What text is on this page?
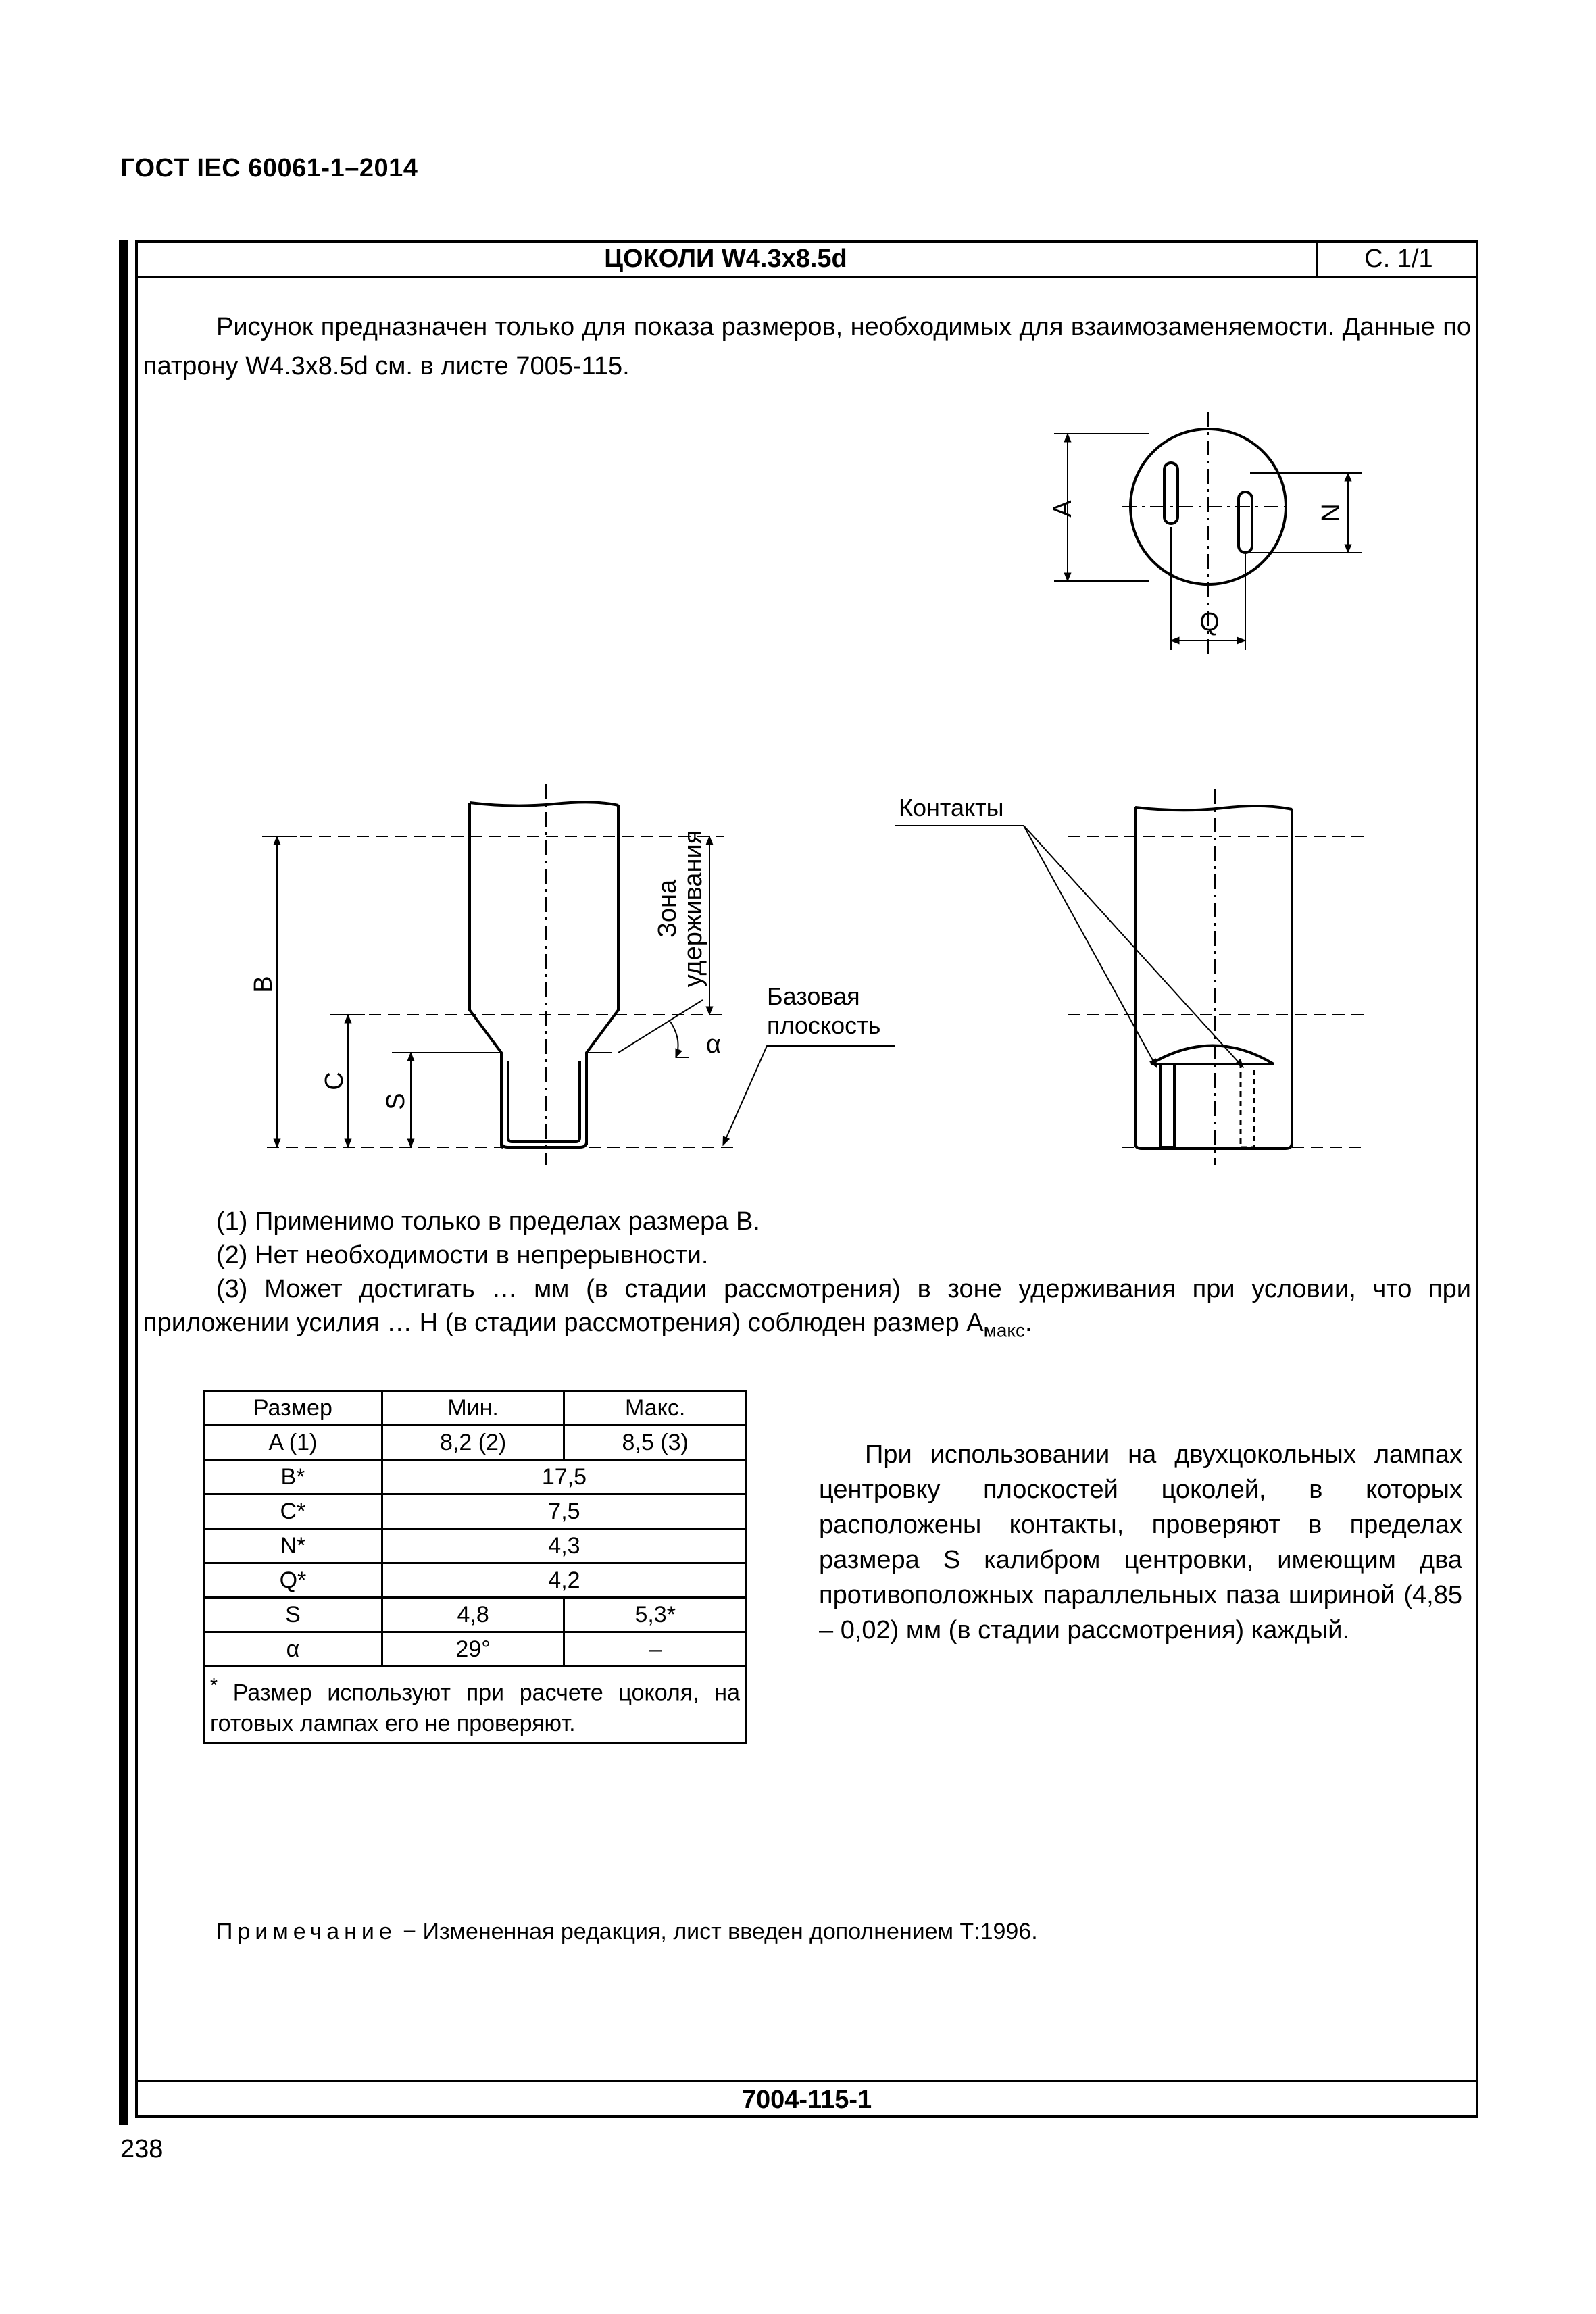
ГОСТ IEC 60061-1–2014
ЦОКОЛИ W4.3x8.5d	С. 1/1
Рисунок предназначен только для показа размеров, необходимых для взаимозаменяемости. Данные по патрону W4.3x8.5d см. в листе 7005-115.
A	N
Q
B
C
S
Зона
удерживания
α
Базовая
плоскость
Контакты
(1) Применимо только в пределах размера B.
(2) Нет необходимости в непрерывности.
(3) Может достигать … мм (в стадии рассмотрения) в зоне удерживания при условии, что при приложении усилия … Н (в стадии рассмотрения) соблюден размер $A_{макс}$.
Размер	Мин.	Макс.
A (1)	8,2 (2)	8,5 (3)
B*	17,5	
C*	7,5	
N*	4,3	
Q*	4,2	
S	4,8	5,3*
α	29°	–
* Размер используют при расчете цоколя, на готовых лампах его не проверяют.		
При использовании на двухцокольных лампах центровку плоскостей цоколей, в которых расположены контакты, проверяют в пределах размера S калибром центровки, имеющим два противоположных параллельных паза шириной (4,85 – 0,02) мм (в стадии рассмотрения) каждый.
Примечание − Измененная редакция, лист введен дополнением Т:1996.
7004-115-1
238
